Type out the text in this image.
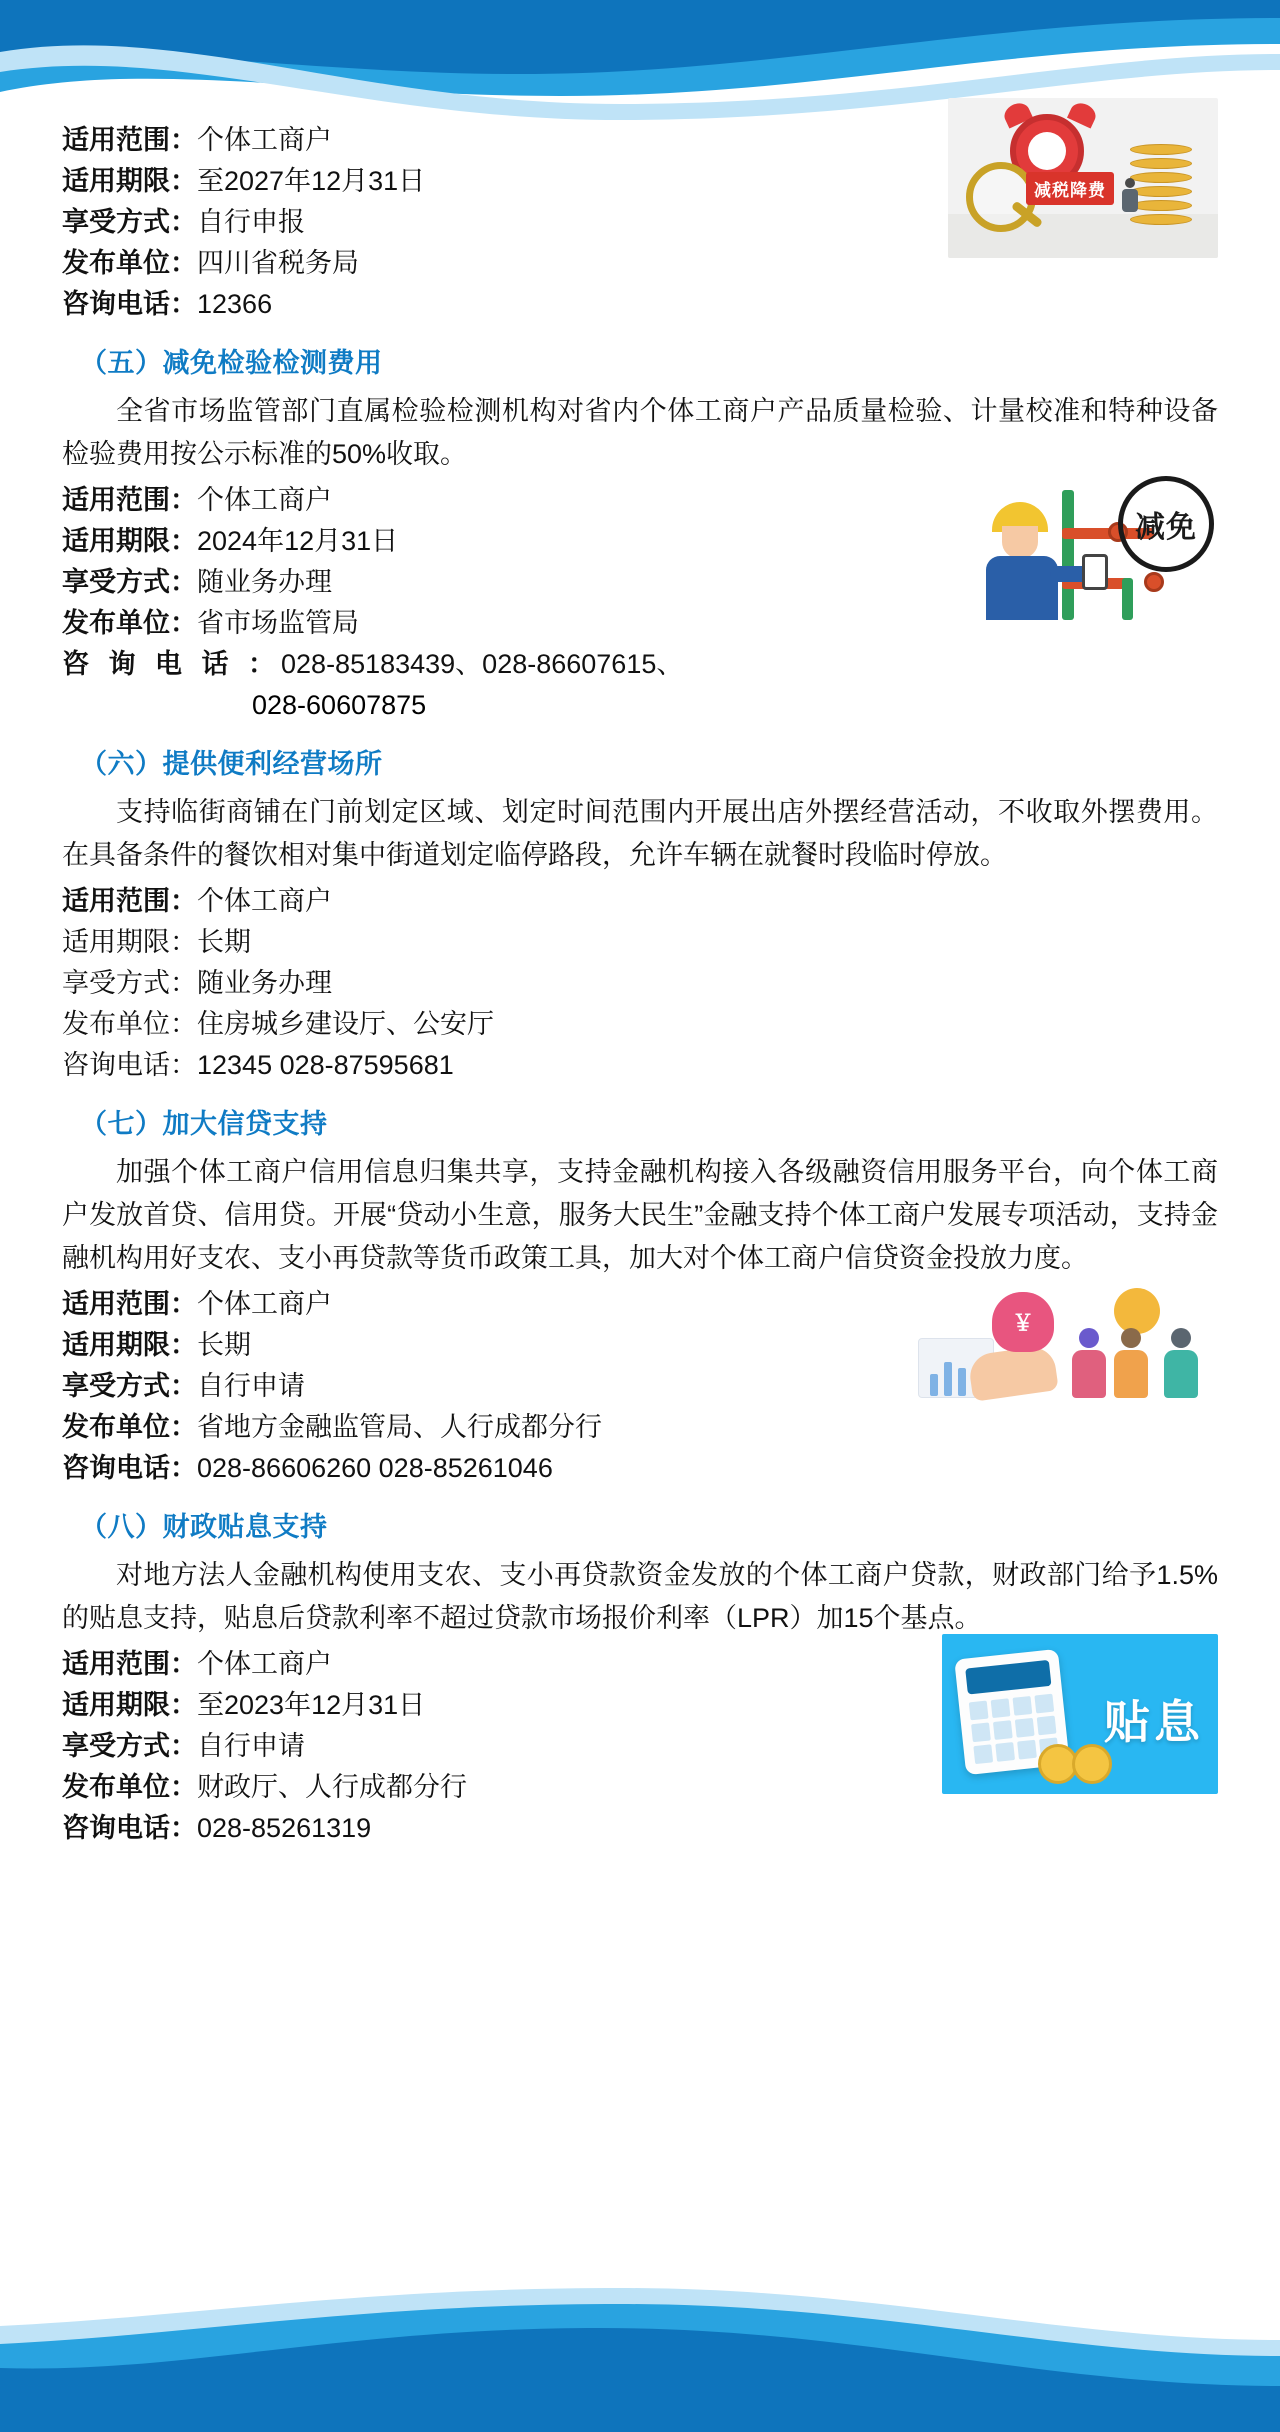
减税降费
适用范围：个体工商户
适用期限：至2027年12月31日
享受方式：自行申报
发布单位：四川省税务局
咨询电话：12366
（五）减免检验检测费用

全省市场监管部门直属检验检测机构对省内个体工商户产品质量检验、计量校准和特种设备检验费用按公示标准的50%收取。

减免
适用范围：个体工商户
适用期限：2024年12月31日
享受方式：随业务办理
发布单位：省市场监管局
咨 询 电 话 ：028-85183439、028-86607615、
028-60607875
（六）提供便利经营场所

支持临街商铺在门前划定区域、划定时间范围内开展出店外摆经营活动，不收取外摆费用。在具备条件的餐饮相对集中街道划定临停路段，允许车辆在就餐时段临时停放。

适用范围：个体工商户
适用期限：长期
享受方式：随业务办理
发布单位：住房城乡建设厅、公安厅
咨询电话：12345 028-87595681
（七）加大信贷支持

加强个体工商户信用信息归集共享，支持金融机构接入各级融资信用服务平台，向个体工商户发放首贷、信用贷。开展“贷动小生意，服务大民生”金融支持个体工商户发展专项活动，支持金融机构用好支农、支小再贷款等货币政策工具，加大对个体工商户信贷资金投放力度。

￥
适用范围：个体工商户
适用期限：长期
享受方式：自行申请
发布单位：省地方金融监管局、人行成都分行
咨询电话：028-86606260 028-85261046
（八）财政贴息支持

对地方法人金融机构使用支农、支小再贷款资金发放的个体工商户贷款，财政部门给予1.5%的贴息支持，贴息后贷款利率不超过贷款市场报价利率（LPR）加15个基点。

贴息
适用范围：个体工商户
适用期限：至2023年12月31日
享受方式：自行申请
发布单位：财政厅、人行成都分行
咨询电话：028-85261319
